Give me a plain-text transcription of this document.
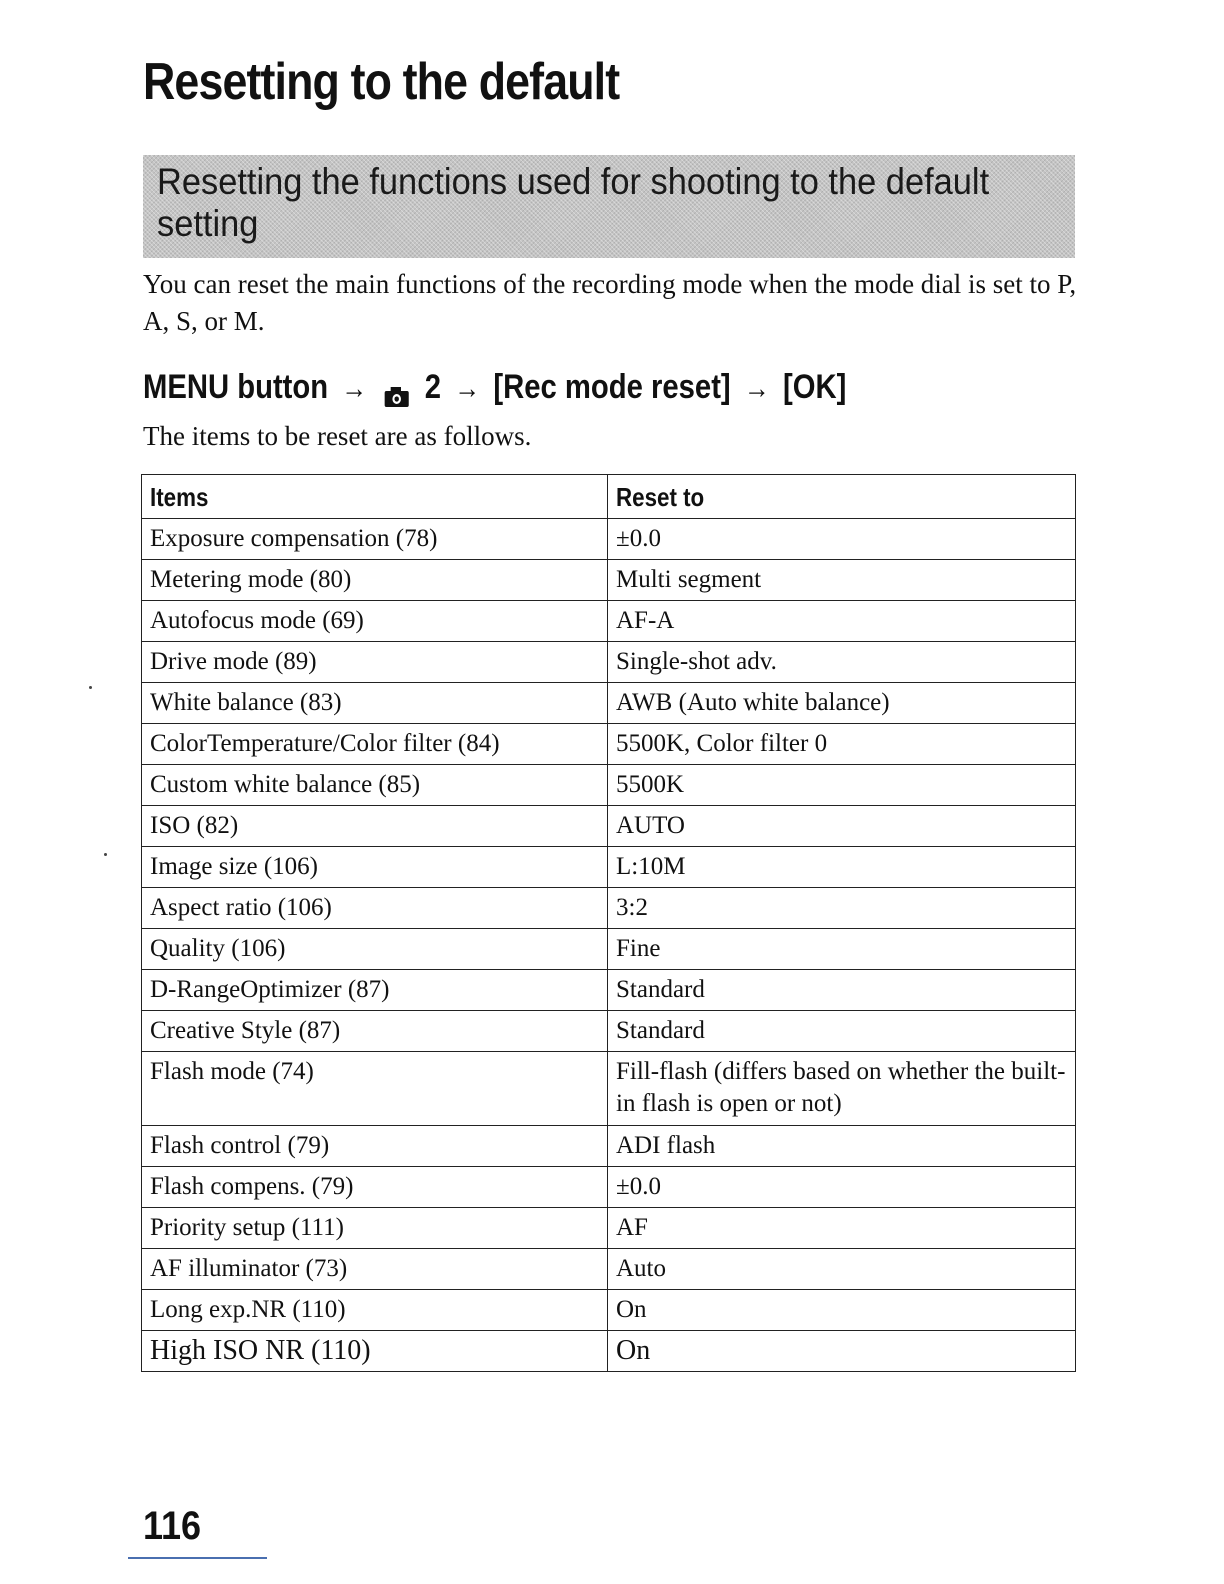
Resetting to the default
Resetting the functions used for shooting to the default setting

You can reset the main functions of the recording mode when the mode dial is set to P, A, S, or M.

MENU button → 2 → [Rec mode reset] → [OK]

The items to be reset are as follows.

Items	Reset to
Exposure compensation (78)	±0.0
Metering mode (80)	Multi segment
Autofocus mode (69)	AF-A
Drive mode (89)	Single-shot adv.
White balance (83)	AWB (Auto white balance)
ColorTemperature/Color filter (84)	5500K, Color filter 0
Custom white balance (85)	5500K
ISO (82)	AUTO
Image size (106)	L:10M
Aspect ratio (106)	3:2
Quality (106)	Fine
D-RangeOptimizer (87)	Standard
Creative Style (87)	Standard
Flash mode (74)	Fill-flash (differs based on whether the built-in flash is open or not)
Flash control (79)	ADI flash
Flash compens. (79)	±0.0
Priority setup (111)	AF
AF illuminator (73)	Auto
Long exp.NR (110)	On
High ISO NR (110)	On

116
